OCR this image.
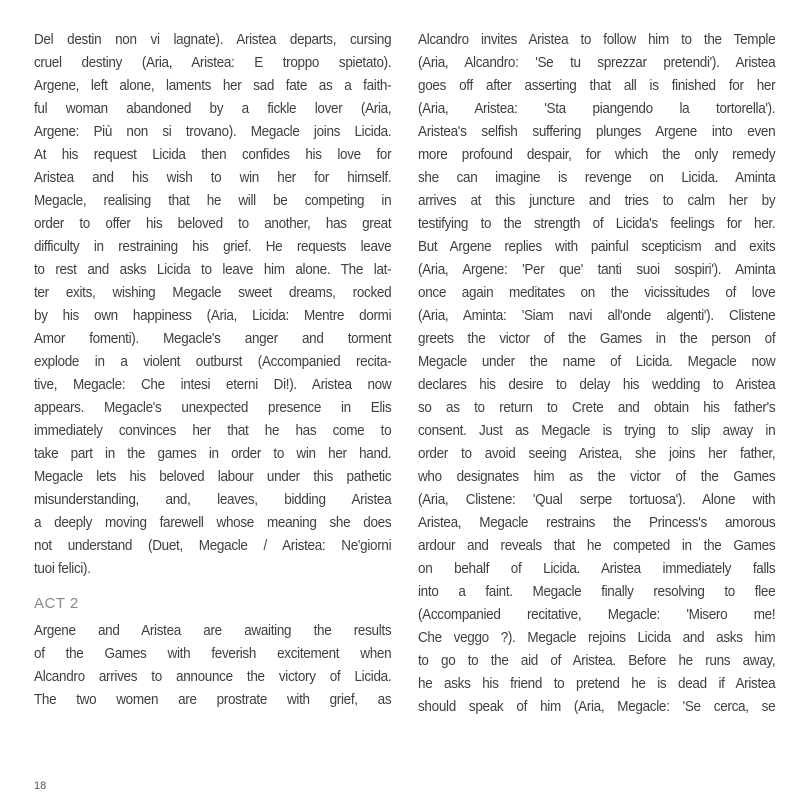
Del destin non vi lagnate). Aristea departs, cursing
cruel destiny (Aria, Aristea: E troppo spietato).
Argene, left alone, laments her sad fate as a faith-
ful woman abandoned by a fickle lover (Aria,
Argene: Più non si trovano). Megacle joins Licida.
At his request Licida then confides his love for
Aristea and his wish to win her for himself.
Megacle, realising that he will be competing in
order to offer his beloved to another, has great
difficulty in restraining his grief. He requests leave
to rest and asks Licida to leave him alone. The lat-
ter exits, wishing Megacle sweet dreams, rocked
by his own happiness (Aria, Licida: Mentre dormi
Amor fomenti). Megacle's anger and torment
explode in a violent outburst (Accompanied recita-
tive, Megacle: Che intesi eterni Di!). Aristea now
appears. Megacle's unexpected presence in Elis
immediately convinces her that he has come to
take part in the games in order to win her hand.
Megacle lets his beloved labour under this pathetic
misunderstanding, and, leaves, bidding Aristea
a deeply moving farewell whose meaning she does
not understand (Duet, Megacle / Aristea: Ne'giorni
tuoi felici).
ACT 2
Argene and Aristea are awaiting the results
of the Games with feverish excitement when
Alcandro arrives to announce the victory of Licida.
The two women are prostrate with grief, as
Alcandro invites Aristea to follow him to the Temple
(Aria, Alcandro: 'Se tu sprezzar pretendi'). Aristea
goes off after asserting that all is finished for her
(Aria, Aristea: 'Sta piangendo la tortorella').
Aristea's selfish suffering plunges Argene into even
more profound despair, for which the only remedy
she can imagine is revenge on Licida. Aminta
arrives at this juncture and tries to calm her by
testifying to the strength of Licida's feelings for her.
But Argene replies with painful scepticism and exits
(Aria, Argene: 'Per que' tanti suoi sospiri'). Aminta
once again meditates on the vicissitudes of love
(Aria, Aminta: 'Siam navi all'onde algenti'). Clistene
greets the victor of the Games in the person of
Megacle under the name of Licida. Megacle now
declares his desire to delay his wedding to Aristea
so as to return to Crete and obtain his father's
consent. Just as Megacle is trying to slip away in
order to avoid seeing Aristea, she joins her father,
who designates him as the victor of the Games
(Aria, Clistene: 'Qual serpe tortuosa'). Alone with
Aristea, Megacle restrains the Princess's amorous
ardour and reveals that he competed in the Games
on behalf of Licida. Aristea immediately falls
into a faint. Megacle finally resolving to flee
(Accompanied recitative, Megacle: 'Misero me!
Che veggo ?). Megacle rejoins Licida and asks him
to go to the aid of Aristea. Before he runs away,
he asks his friend to pretend he is dead if Aristea
should speak of him (Aria, Megacle: 'Se cerca, se
18
